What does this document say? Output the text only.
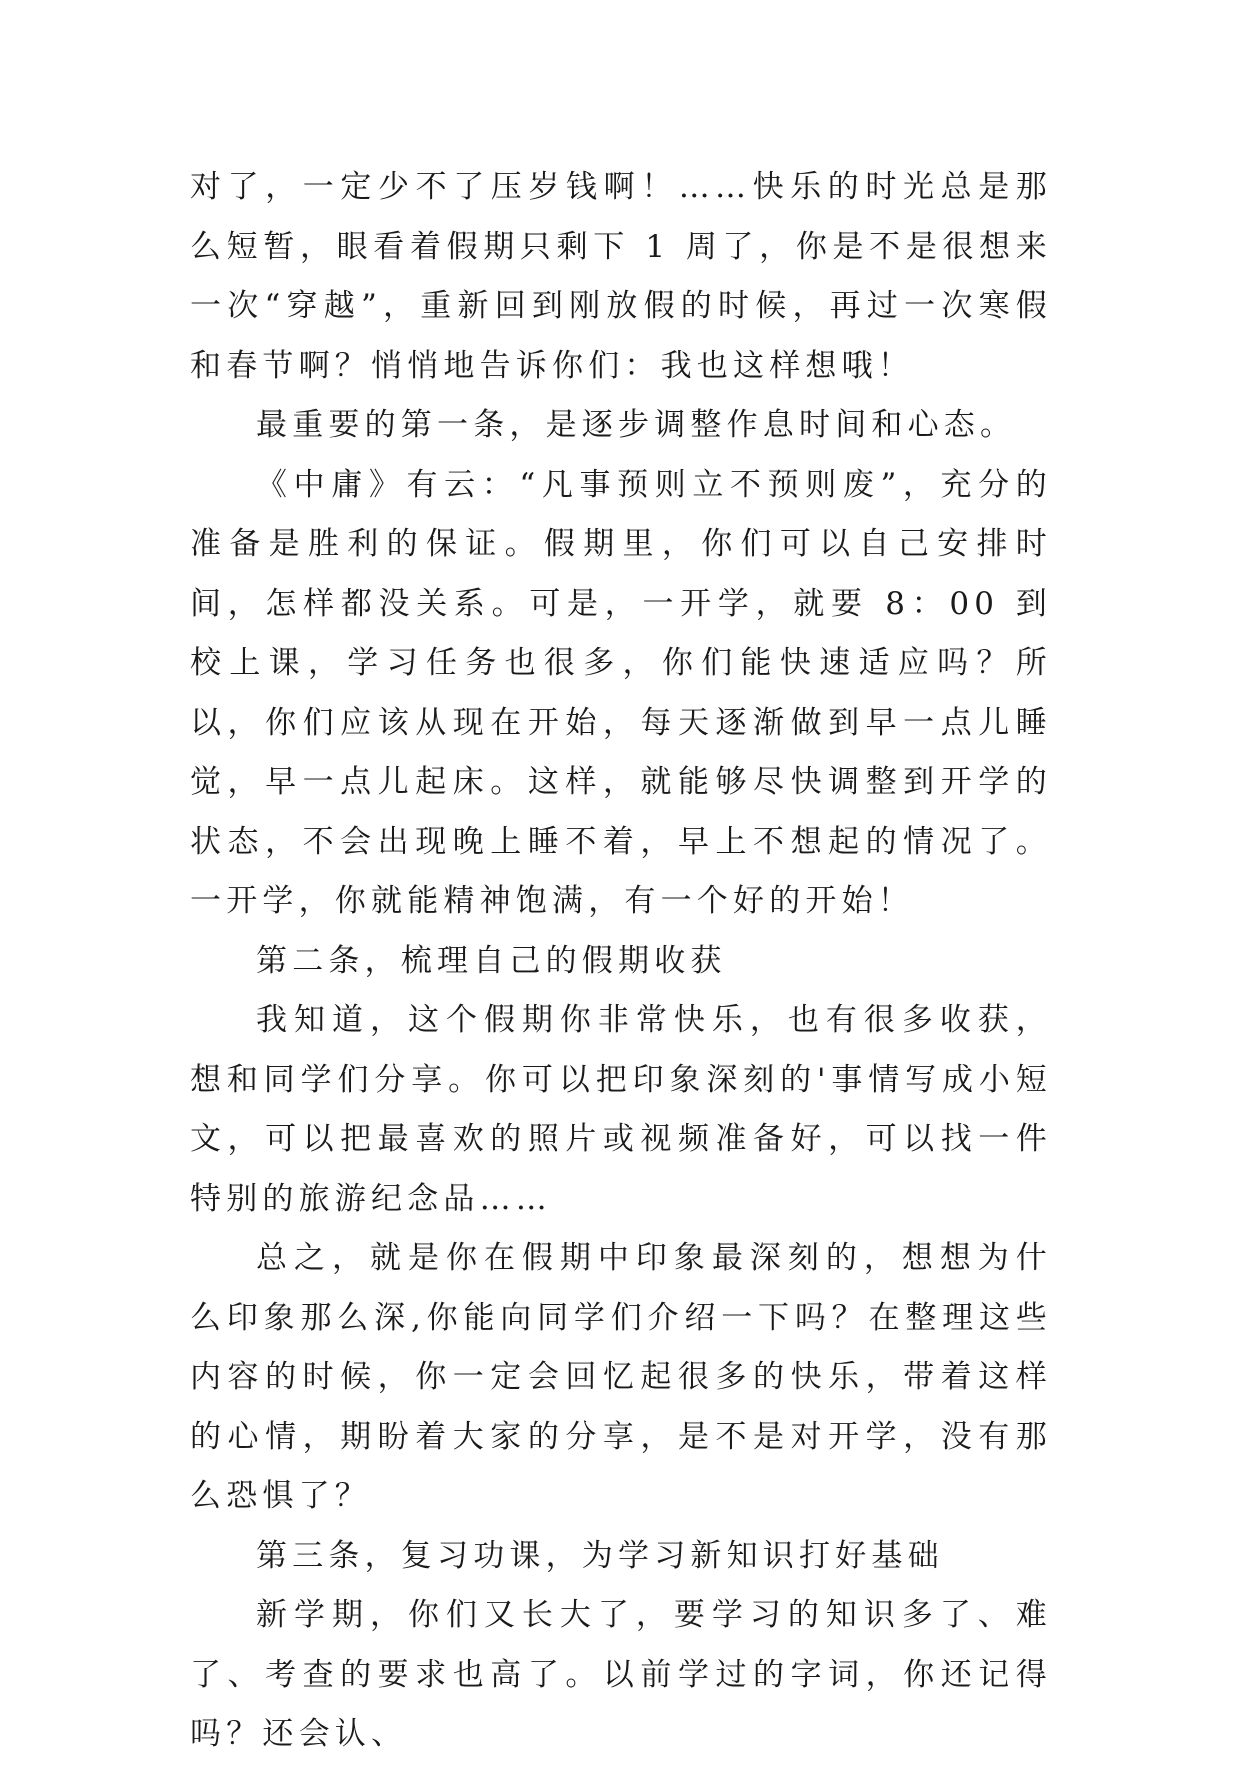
对了，一定少不了压岁钱啊！……快乐的时光总是那么短暂，眼看着假期只剩下 1 周了，你是不是很想来一次“穿越”，重新回到刚放假的时候，再过一次寒假和春节啊？悄悄地告诉你们：我也这样想哦！

最重要的第一条，是逐步调整作息时间和心态。

《中庸》有云：“凡事预则立不预则废”，充分的准备是胜利的保证。假期里，你们可以自己安排时间，怎样都没关系。可是，一开学，就要 8：00 到校上课，学习任务也很多，你们能快速适应吗？所以，你们应该从现在开始，每天逐渐做到早一点儿睡觉，早一点儿起床。这样，就能够尽快调整到开学的状态，不会出现晚上睡不着，早上不想起的情况了。一开学，你就能精神饱满，有一个好的开始！

第二条，梳理自己的假期收获

我知道，这个假期你非常快乐，也有很多收获，想和同学们分享。你可以把印象深刻的'事情写成小短文，可以把最喜欢的照片或视频准备好，可以找一件特别的旅游纪念品……

总之，就是你在假期中印象最深刻的，想想为什么印象那么深,你能向同学们介绍一下吗？在整理这些内容的时候，你一定会回忆起很多的快乐，带着这样的心情，期盼着大家的分享，是不是对开学，没有那么恐惧了？

第三条，复习功课，为学习新知识打好基础

新学期，你们又长大了，要学习的知识多了、难了、考查的要求也高了。以前学过的字词，你还记得吗？还会认、
